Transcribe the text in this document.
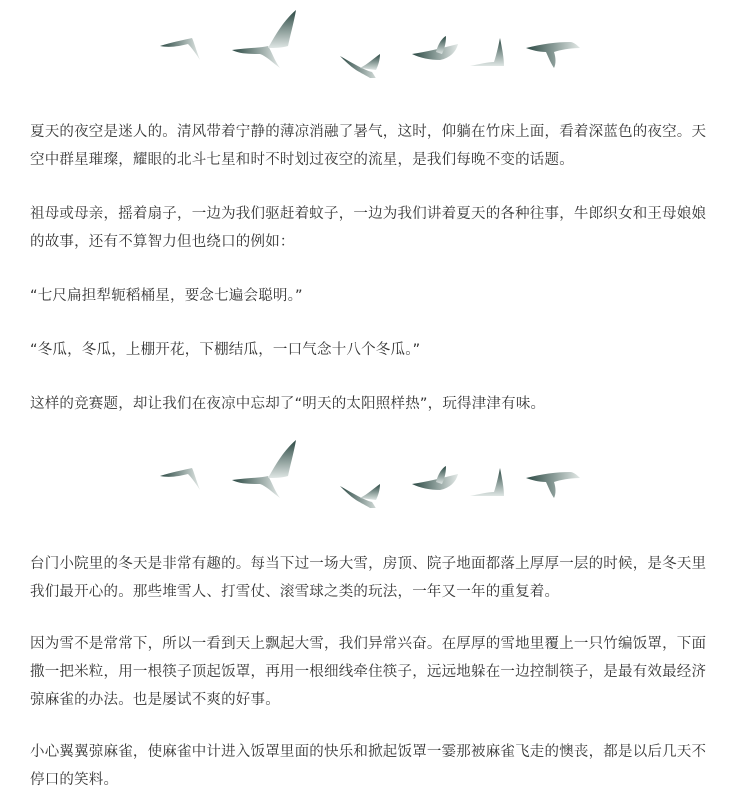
夏天的夜空是迷人的。清风带着宁静的薄凉消融了暑气，这时，仰躺在竹床上面，看着深蓝色的夜空。天空中群星璀璨，耀眼的北斗七星和时不时划过夜空的流星，是我们每晚不变的话题。

祖母或母亲，摇着扇子，一边为我们驱赶着蚊子，一边为我们讲着夏天的各种往事，牛郎织女和王母娘娘的故事，还有不算智力但也绕口的例如：

“七尺扁担犁轭稻桶星，要念七遍会聪明。”

“冬瓜，冬瓜，上棚开花，下棚结瓜，一口气念十八个冬瓜。”

这样的竞赛题，却让我们在夜凉中忘却了“明天的太阳照样热”，玩得津津有味。

台门小院里的冬天是非常有趣的。每当下过一场大雪，房顶、院子地面都落上厚厚一层的时候，是冬天里我们最开心的。那些堆雪人、打雪仗、滚雪球之类的玩法，一年又一年的重复着。

因为雪不是常常下，所以一看到天上飘起大雪，我们异常兴奋。在厚厚的雪地里覆上一只竹编饭罩，下面撒一把米粒，用一根筷子顶起饭罩，再用一根细线牵住筷子，远远地躲在一边控制筷子，是最有效最经济弶麻雀的办法。也是屡试不爽的好事。

小心翼翼弶麻雀，使麻雀中计进入饭罩里面的快乐和掀起饭罩一霎那被麻雀飞走的懊丧，都是以后几天不停口的笑料。
